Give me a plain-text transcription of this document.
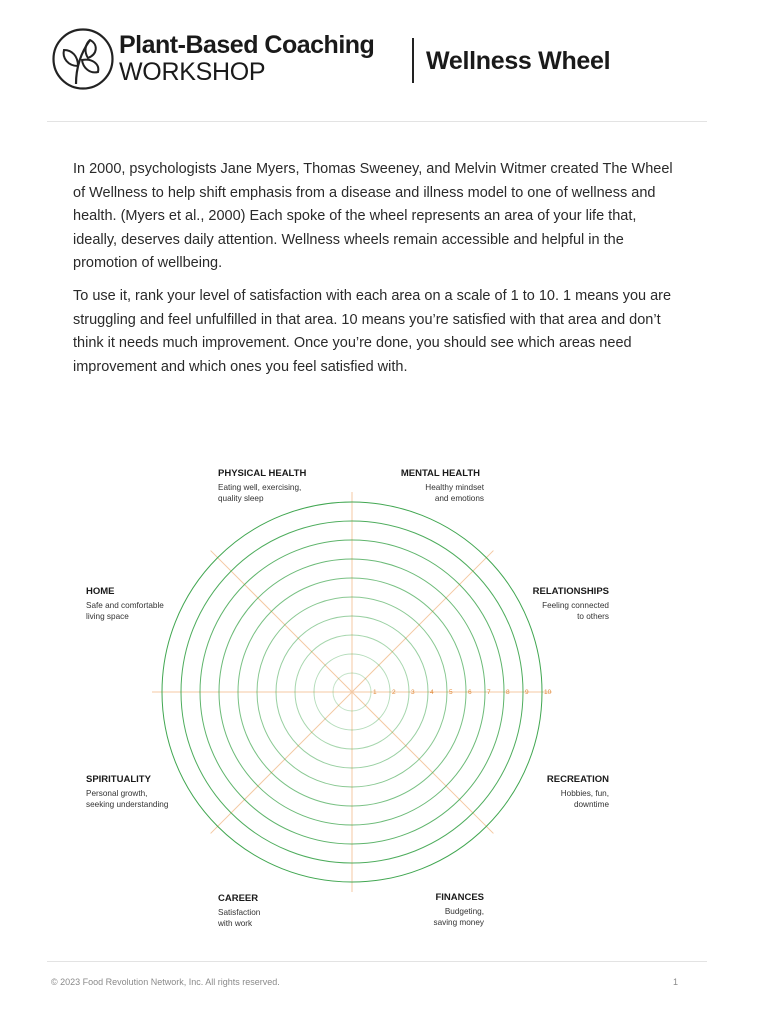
Plant-Based Coaching
WORKSHOP	Wellness Wheel

In 2000, psychologists Jane Myers, Thomas Sweeney, and Melvin Witmer created The Wheel of Wellness to help shift emphasis from a disease and illness model to one of wellness and health. (Myers et al., 2000) Each spoke of the wheel represents an area of your life that, ideally, deserves daily attention. Wellness wheels remain accessible and helpful in the promotion of wellbeing.

To use it, rank your level of satisfaction with each area on a scale of 1 to 10. 1 means you are struggling and feel unfulfilled in that area. 10 means you’re satisfied with that area and don’t think it needs much improvement. Once you’re done, you should see which areas need improvement and which ones you feel satisfied with.

1 2 3 4 5 6 7 8 9 10
PHYSICAL HEALTH
Eating well, exercising,
quality sleep
MENTAL HEALTH
Healthy mindset
and emotions
RELATIONSHIPS
Feeling connected
to others
RECREATION
Hobbies, fun,
downtime
FINANCES
Budgeting,
saving money
CAREER
Satisfaction
with work
SPIRITUALITY
Personal growth,
seeking understanding
HOME
Safe and comfortable
living space
© 2023 Food Revolution Network, Inc. All rights reserved.	1
